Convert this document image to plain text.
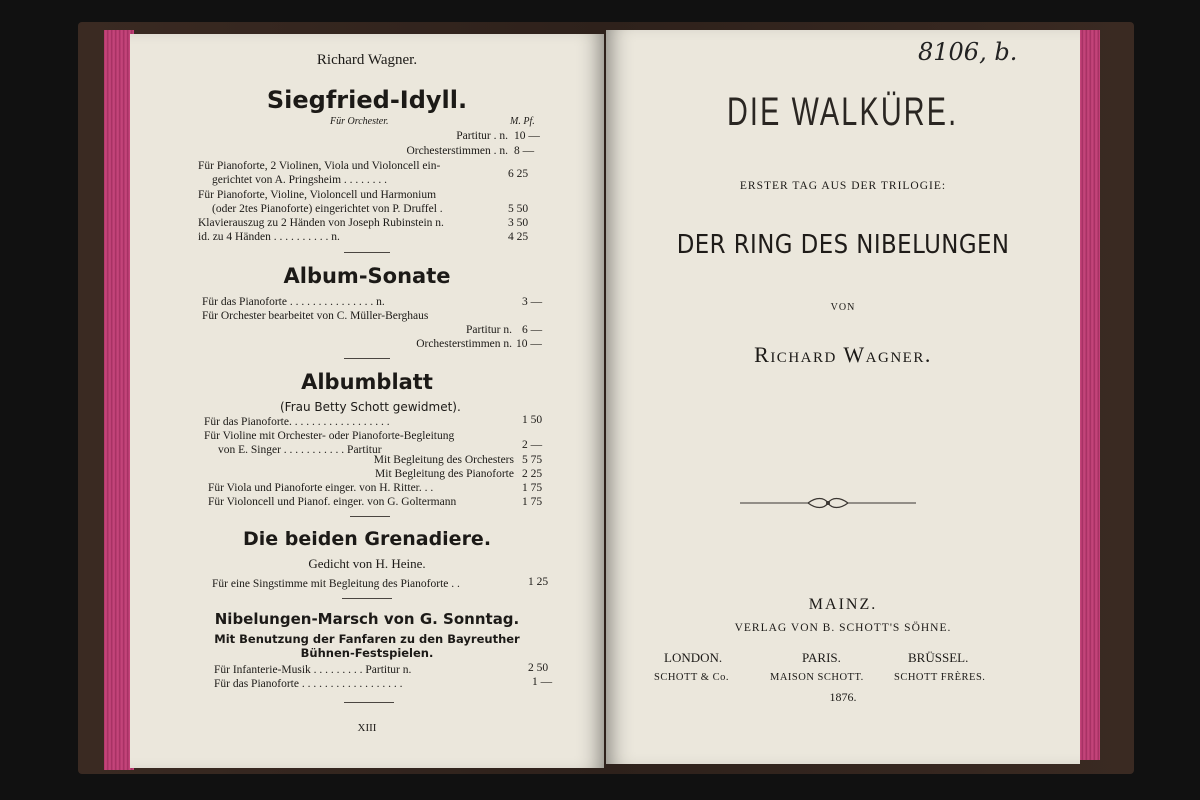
Richard Wagner.
Siegfried-Idyll.
Für Orchester.	M. Pf.
Partitur . n. 10 —
Orchesterstimmen . n. 8 —
Für Pianoforte, 2 Violinen, Viola und Violoncell ein-
gerichtet von A. Pringsheim . . . . . . . .	6 25
Für Pianoforte, Violine, Violoncell und Harmonium
(oder 2tes Pianoforte) eingerichtet von P. Druffel .	5 50
Klavierauszug zu 2 Händen von Joseph Rubinstein n.	3 50
id. zu 4 Händen . . . . . . . . . . n.	4 25
Album-Sonate
Für das Pianoforte . . . . . . . . . . . . . . . n.	3 —
Für Orchester bearbeitet von C. Müller-Berghaus
Partitur n. 6 —
Orchesterstimmen n. 10 —
Albumblatt
(Frau Betty Schott gewidmet).
Für das Pianoforte. . . . . . . . . . . . . . . . . .	1 50
Für Violine mit Orchester- oder Pianoforte-Begleitung
von E. Singer . . . . . . . . . . . Partitur	2 —
Mit Begleitung des Orchesters 5 75
Mit Begleitung des Pianoforte 2 25
Für Viola und Pianoforte einger. von H. Ritter. . .	1 75
Für Violoncell und Pianof. einger. von G. Goltermann	1 75
Die beiden Grenadiere.
Gedicht von H. Heine.
Für eine Singstimme mit Begleitung des Pianoforte . .	1 25
Nibelungen-Marsch von G. Sonntag.
Mit Benutzung der Fanfaren zu den Bayreuther
Bühnen-Festspielen.
Für Infanterie-Musik . . . . . . . . . Partitur n.	2 50
Für das Pianoforte . . . . . . . . . . . . . . . . . .	1 —
XIII
8106, b.
DIE WALKÜRE.
ERSTER TAG AUS DER TRILOGIE:
DER RING DES NIBELUNGEN
VON
Richard Wagner.
MAINZ.
VERLAG VON B. SCHOTT'S SÖHNE.
LONDON.	PARIS.	BRÜSSEL.
SCHOTT & Co.	MAISON SCHOTT.	SCHOTT FRÈRES.
1876.
